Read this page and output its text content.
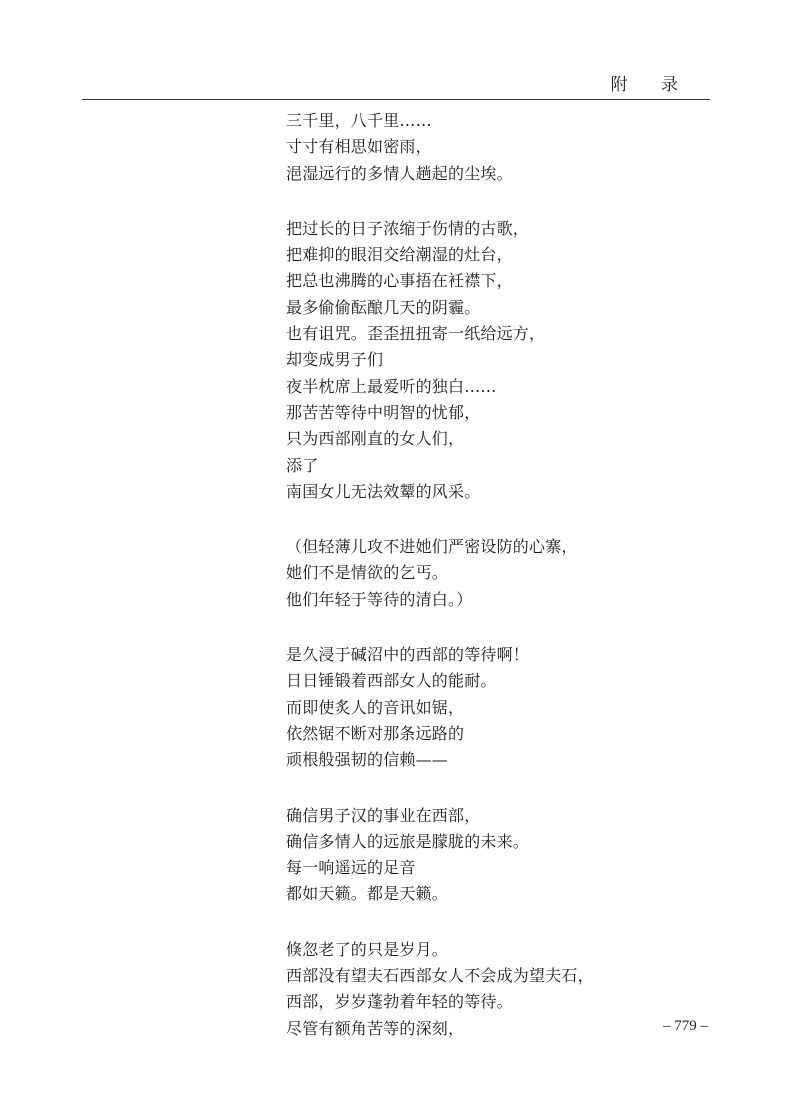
附 录
三千里，八千里……
寸寸有相思如密雨，
浥湿远行的多情人趟起的尘埃。
把过长的日子浓缩于伤情的古歌，
把难抑的眼泪交给潮湿的灶台，
把总也沸腾的心事捂在衽襟下，
最多偷偷酝酿几天的阴霾。
也有诅咒。歪歪扭扭寄一纸给远方，
却变成男子们
夜半枕席上最爱听的独白……
那苦苦等待中明智的忧郁，
只为西部刚直的女人们，
添了
南国女儿无法效颦的风采。
（但轻薄儿攻不进她们严密设防的心寨，
她们不是情欲的乞丐。
他们年轻于等待的清白。）
是久浸于碱沼中的西部的等待啊！
日日锤锻着西部女人的能耐。
而即使炙人的音讯如锯，
依然锯不断对那条远路的
顽根般强韧的信赖——
确信男子汉的事业在西部，
确信多情人的远旅是朦胧的未来。
每一响遥远的足音
都如天籁。都是天籁。
倏忽老了的只是岁月。
西部没有望夫石西部女人不会成为望夫石，
西部，岁岁蓬勃着年轻的等待。
尽管有额角苦等的深刻，	– 779 –
